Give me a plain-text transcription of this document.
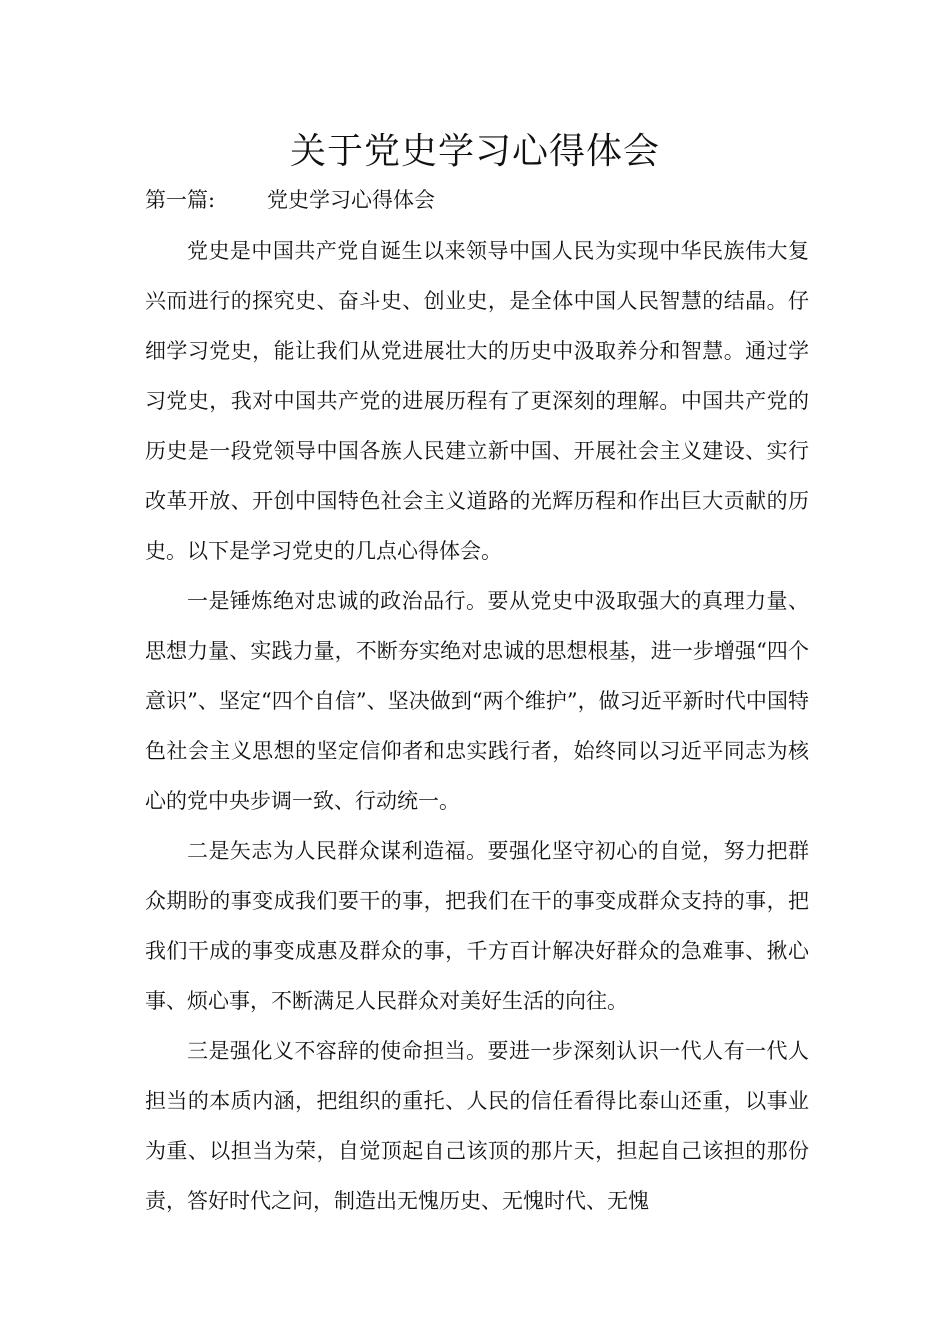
关于党史学习心得体会
第一篇: 党史学习心得体会

党史是中国共产党自诞生以来领导中国人民为实现中华民族伟大复兴而进行的探究史、奋斗史、创业史，是全体中国人民智慧的结晶。仔细学习党史，能让我们从党进展壮大的历史中汲取养分和智慧。通过学习党史，我对中国共产党的进展历程有了更深刻的理解。中国共产党的历史是一段党领导中国各族人民建立新中国、开展社会主义建设、实行改革开放、开创中国特色社会主义道路的光辉历程和作出巨大贡献的历史。以下是学习党史的几点心得体会。

一是锤炼绝对忠诚的政治品行。要从党史中汲取强大的真理力量、思想力量、实践力量，不断夯实绝对忠诚的思想根基，进一步增强“四个意识”、坚定“四个自信”、坚决做到“两个维护”，做习近平新时代中国特色社会主义思想的坚定信仰者和忠实践行者，始终同以习近平同志为核心的党中央步调一致、行动统一。

二是矢志为人民群众谋利造福。要强化坚守初心的自觉，努力把群众期盼的事变成我们要干的事，把我们在干的事变成群众支持的事，把我们干成的事变成惠及群众的事，千方百计解决好群众的急难事、揪心事、烦心事，不断满足人民群众对美好生活的向往。

三是强化义不容辞的使命担当。要进一步深刻认识一代人有一代人担当的本质内涵，把组织的重托、人民的信任看得比泰山还重，以事业为重、以担当为荣，自觉顶起自己该顶的那片天，担起自己该担的那份责，答好时代之问，制造出无愧历史、无愧时代、无愧
